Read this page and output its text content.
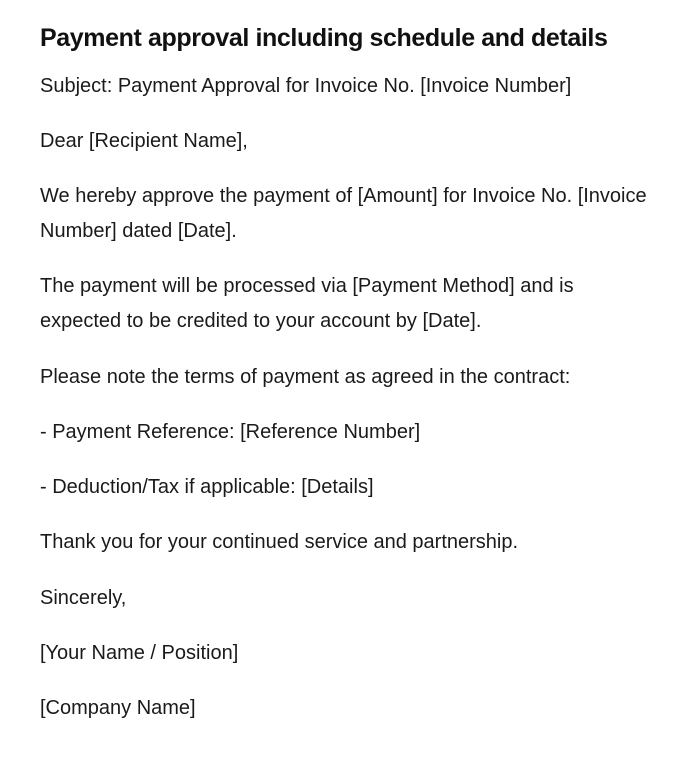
Payment approval including schedule and details

Subject: Payment Approval for Invoice No. [Invoice Number]

Dear [Recipient Name],

We hereby approve the payment of [Amount] for Invoice No. [Invoice Number] dated [Date].

The payment will be processed via [Payment Method] and is expected to be credited to your account by [Date].

Please note the terms of payment as agreed in the contract:

- Payment Reference: [Reference Number]

- Deduction/Tax if applicable: [Details]

Thank you for your continued service and partnership.

Sincerely,

[Your Name / Position]

[Company Name]
